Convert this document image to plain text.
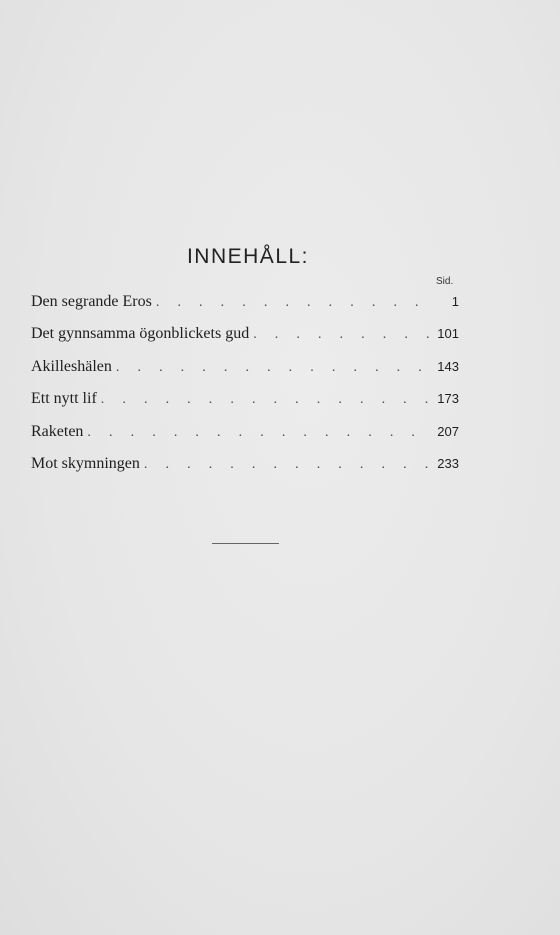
INNEHÅLL:
Sid.
Den segrande Eros . . .	1
Det gynnsamma ögonblickets gud . . .	101
Akilleshälen . . .	143
Ett nytt lif . . .	173
Raketen . . .	207
Mot skymningen . . .	233
